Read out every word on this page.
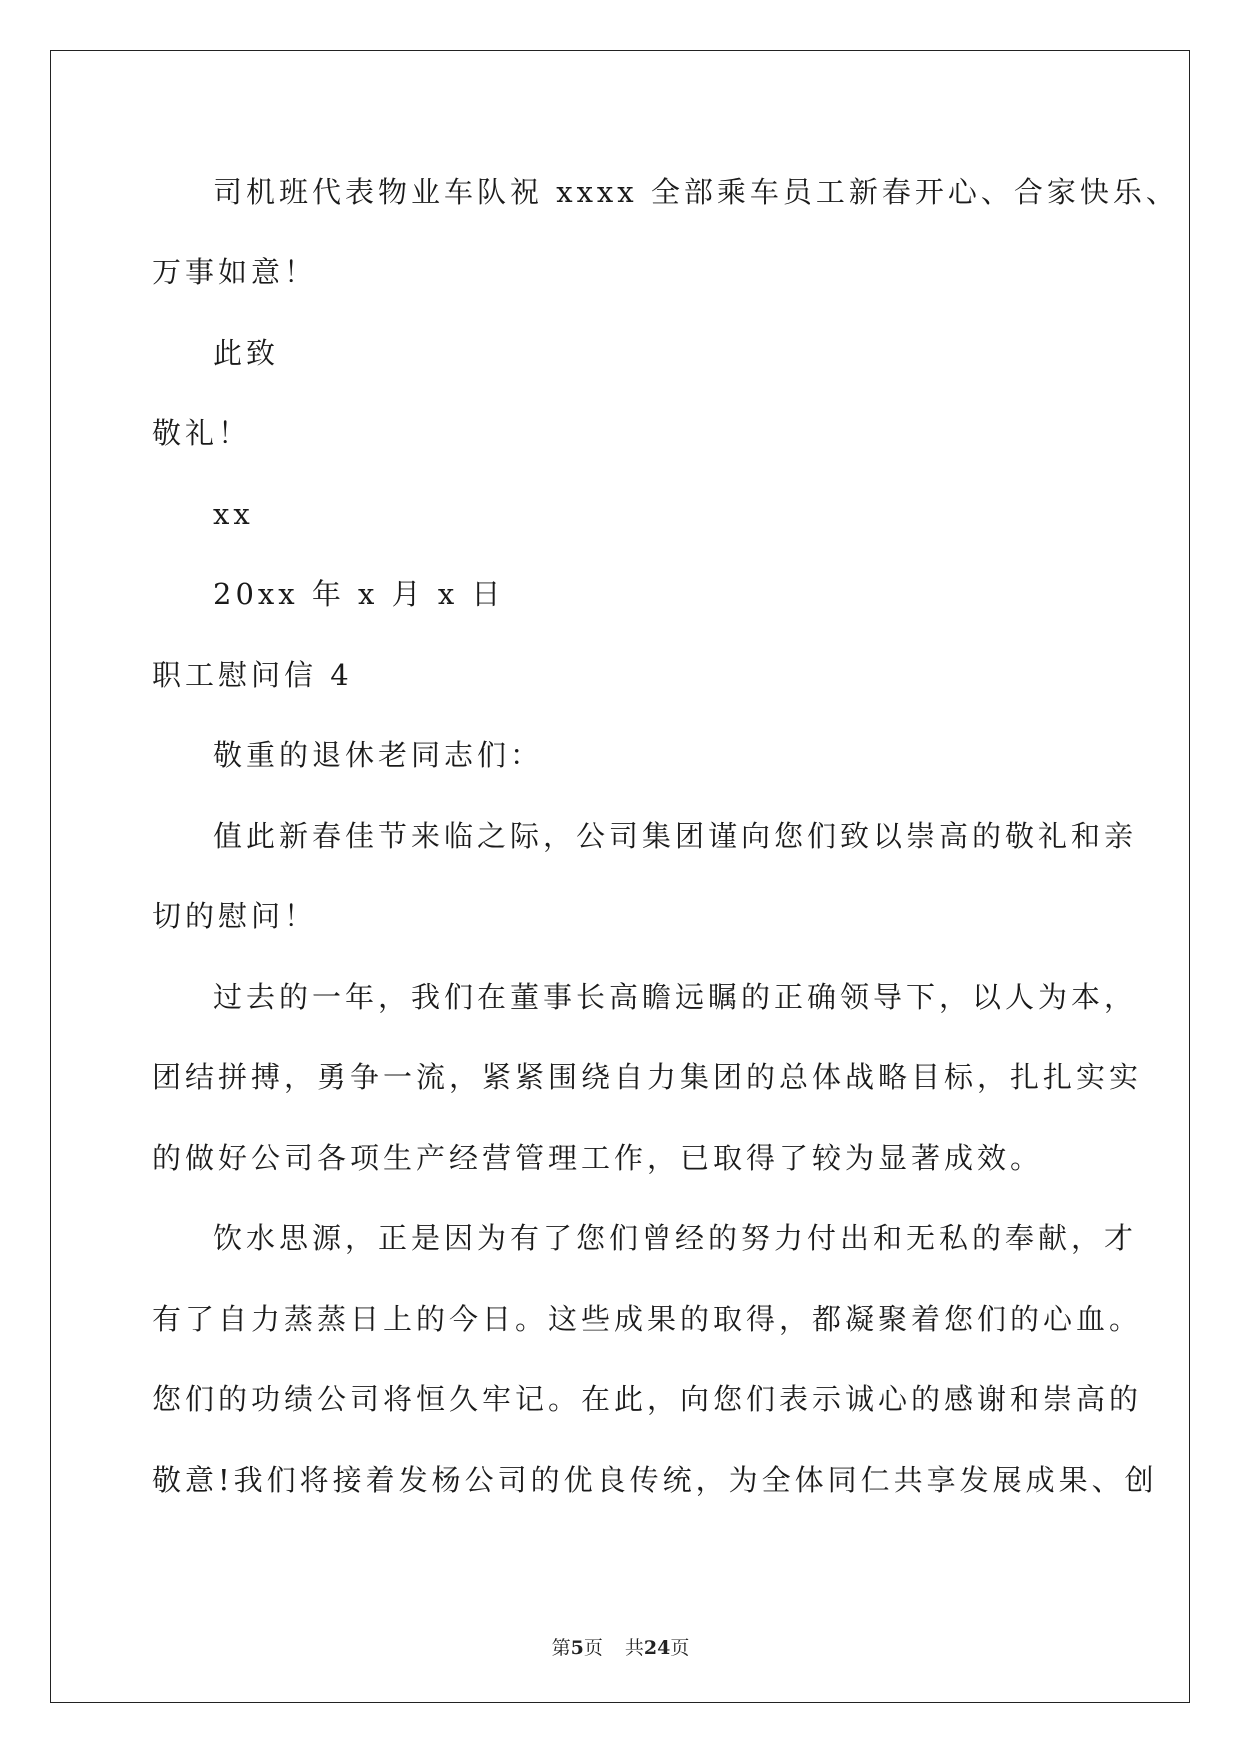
司机班代表物业车队祝 xxxx 全部乘车员工新春开心、合家快乐、
万事如意！
此致
敬礼！
xx
20xx 年 x 月 x 日
职工慰问信 4
敬重的退休老同志们：
值此新春佳节来临之际，公司集团谨向您们致以崇高的敬礼和亲
切的慰问！
过去的一年，我们在董事长高瞻远瞩的正确领导下，以人为本，
团结拼搏，勇争一流，紧紧围绕自力集团的总体战略目标，扎扎实实
的做好公司各项生产经营管理工作，已取得了较为显著成效。
饮水思源，正是因为有了您们曾经的努力付出和无私的奉献，才
有了自力蒸蒸日上的今日。这些成果的取得，都凝聚着您们的心血。
您们的功绩公司将恒久牢记。在此，向您们表示诚心的感谢和崇高的
敬意!我们将接着发杨公司的优良传统，为全体同仁共享发展成果、创
第5页 共24页
